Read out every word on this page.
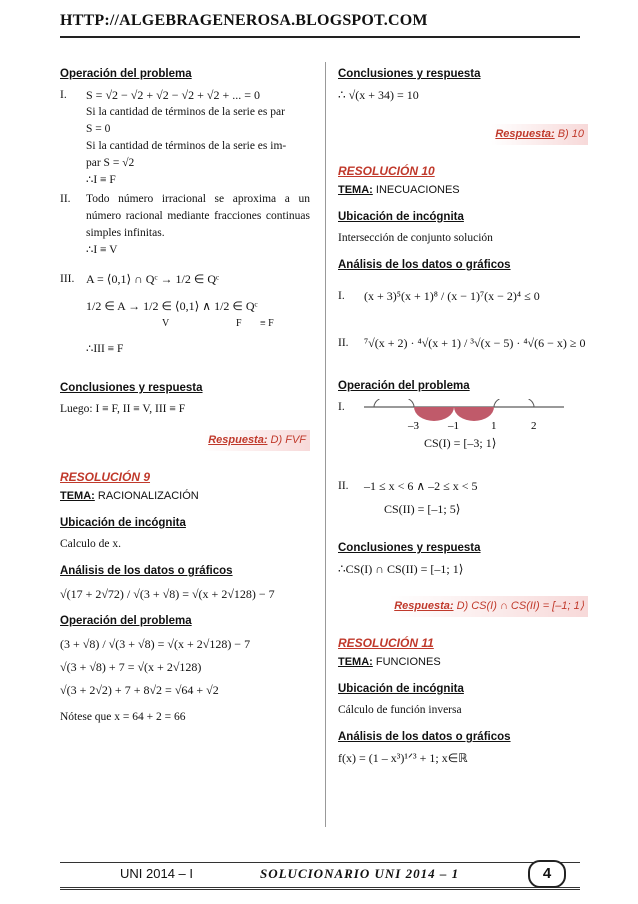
HTTP://ALGEBRAGENEROSA.BLOGSPOT.COM
Operación del problema
I.	S = √2 − √2 + √2 − √2 + √2 + ... = 0
Si la cantidad de términos de la serie es par
S = 0
Si la cantidad de términos de la serie es im-
par S = √2
∴I ≡ F
II.	Todo número irracional se aproxima a un número racional mediante fracciones continuas simples infinitas.
∴I ≡ V
III. A = ⟨0,1⟩ ∩ Qᶜ → 1/2 ∈ Qᶜ
1/2 ∈ A → 1/2 ∈ ⟨0,1⟩ ∧ 1/2 ∈ Qᶜ
V	F ≡ F
∴III ≡ F
Conclusiones y respuesta
Luego: I ≡ F, II ≡ V, III ≡ F
Respuesta: D) FVF
RESOLUCIÓN 9
TEMA: RACIONALIZACIÓN
Ubicación de incógnita
Calculo de x.
Análisis de los datos o gráficos
√(17 + 2√72) / √(3 + √8) = √(x + 2√128) − 7
Operación del problema
(3 + √8) / √(3 + √8) = √(x + 2√128) − 7
√(3 + √8) + 7 = √(x + 2√128)
√(3 + 2√2) + 7 + 8√2 = √64 + √2
Nótese que x = 64 + 2 = 66
Conclusiones y respuesta
∴ √(x + 34) = 10
Respuesta: B) 10
RESOLUCIÓN 10
TEMA: INECUACIONES
Ubicación de incógnita
Intersección de conjunto solución
Análisis de los datos o gráficos
I.	(x + 3)⁵(x + 1)⁸ / (x − 1)⁷(x − 2)⁴ ≤ 0
II.	⁷√(x + 2) · ⁴√(x + 1) / ³√(x − 5) · ⁴√(6 − x) ≥ 0
Operación del problema
I.
–3	–1	1	2
CS(I) = [–3; 1⟩
II.	–1 ≤ x < 6 ∧ –2 ≤ x < 5
CS(II) = [–1; 5⟩
Conclusiones y respuesta
∴CS(I) ∩ CS(II) = [–1; 1⟩
Respuesta: D) CS(I) ∩ CS(II) = [–1; 1⟩
RESOLUCIÓN 11
TEMA: FUNCIONES
Ubicación de incógnita
Cálculo de función inversa
Análisis de los datos o gráficos
f(x) = (1 – x³)¹ᐟ³ + 1; x∈ℝ
UNI 2014 – I	SOLUCIONARIO UNI 2014 – 1	4
